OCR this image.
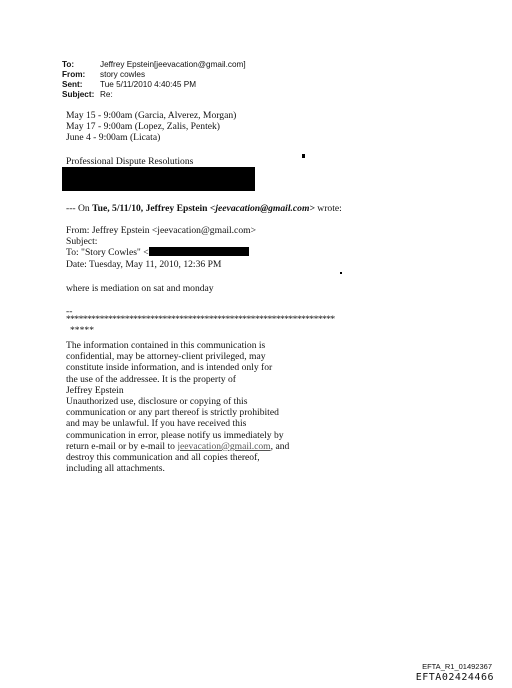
To:	Jeffrey Epstein[jeevacation@gmail.com]
From:	story cowles
Sent:	Tue 5/11/2010 4:40:45 PM
Subject: Re:
May 15 - 9:00am (Garcia, Alverez, Morgan)
May 17 - 9:00am (Lopez, Zalis, Pentek)
June 4 - 9:00am (Licata)
Professional Dispute Resolutions
--- On Tue, 5/11/10, Jeffrey Epstein <jeevacation@gmail.com> wrote:
From: Jeffrey Epstein <jeevacation@gmail.com>
Subject:
To: "Story Cowles" <
Date: Tuesday, May 11, 2010, 12:36 PM
where is mediation on sat and monday
--
****************************************************************
*****
The information contained in this communication is
confidential, may be attorney-client privileged, may
constitute inside information, and is intended only for
the use of the addressee. It is the property of
Jeffrey Epstein
Unauthorized use, disclosure or copying of this
communication or any part thereof is strictly prohibited
and may be unlawful. If you have received this
communication in error, please notify us immediately by
return e-mail or by e-mail to jeevacation@gmail.com, and
destroy this communication and all copies thereof,
including all attachments.
EFTA_R1_01492367
EFTA02424466
